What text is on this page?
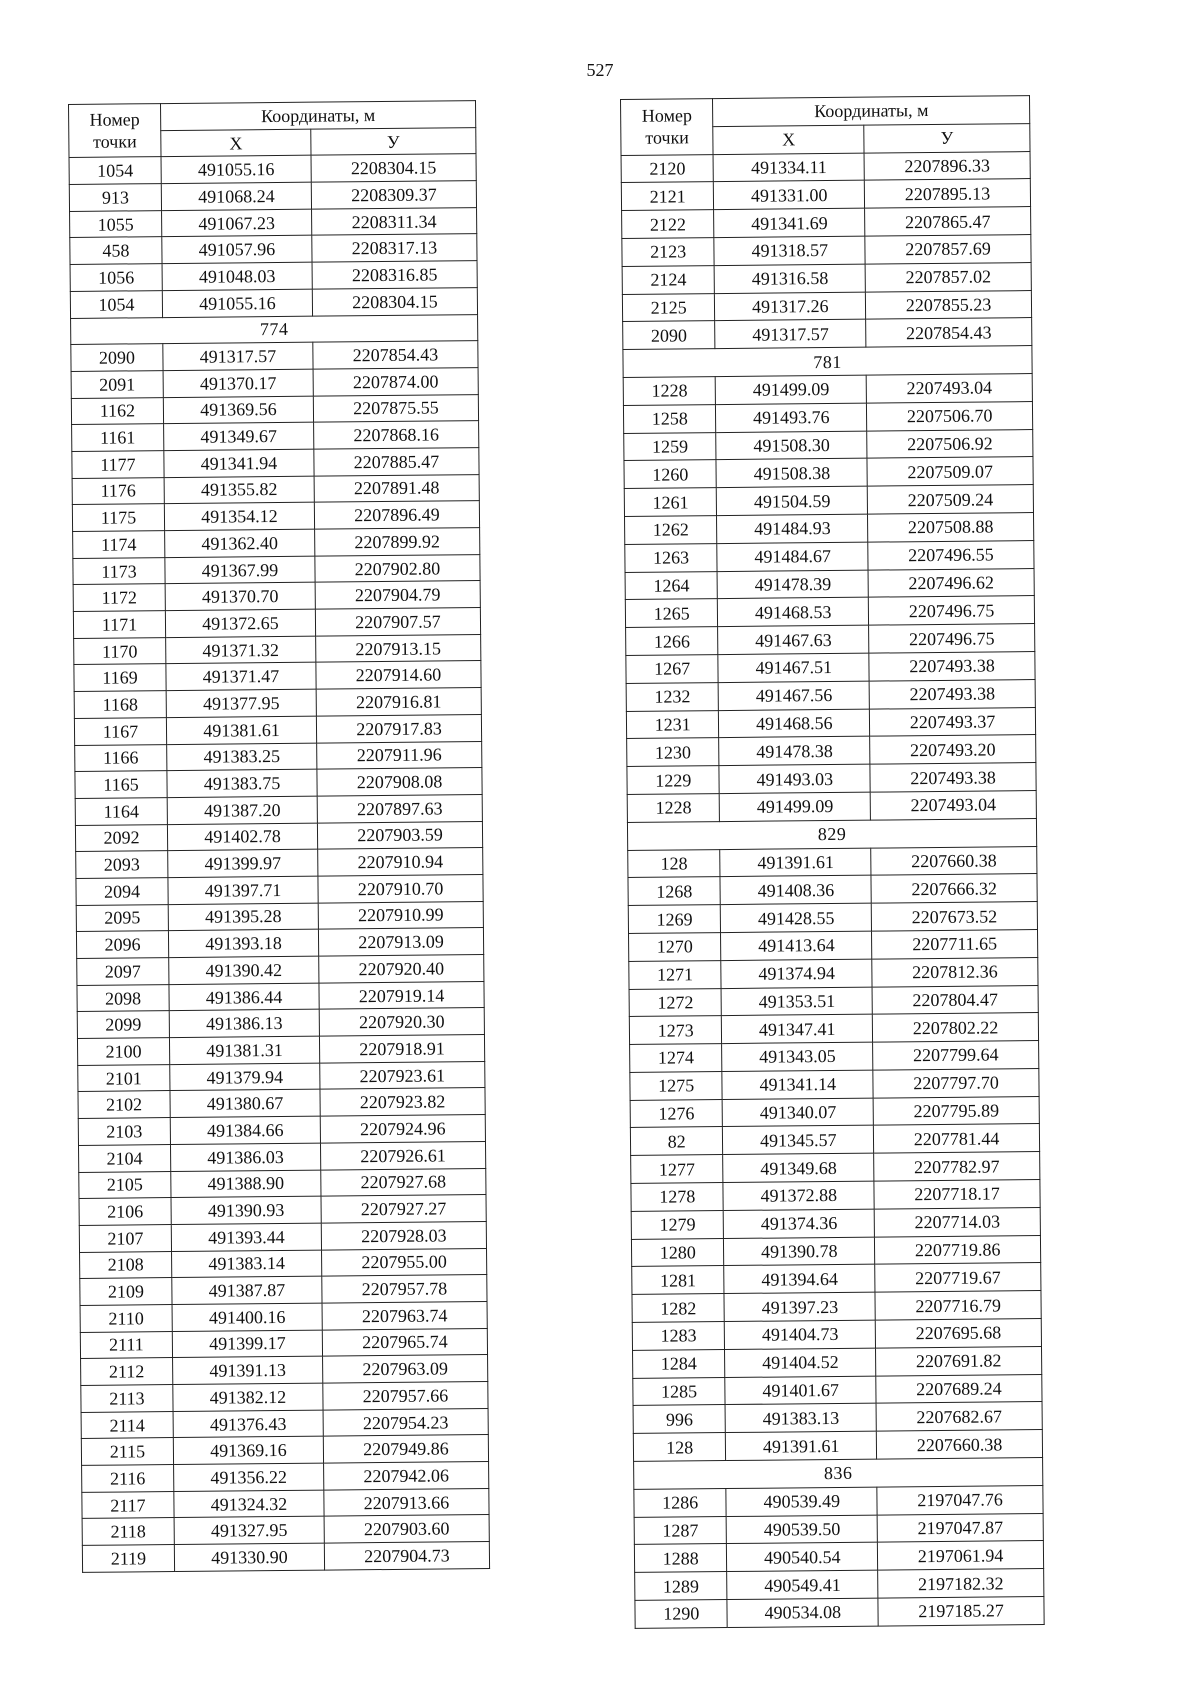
527
Номер
точки	Координаты, м	
	X	У
1054	491055.16	2208304.15
913	491068.24	2208309.37
1055	491067.23	2208311.34
458	491057.96	2208317.13
1056	491048.03	2208316.85
1054	491055.16	2208304.15
774		
2090	491317.57	2207854.43
2091	491370.17	2207874.00
1162	491369.56	2207875.55
1161	491349.67	2207868.16
1177	491341.94	2207885.47
1176	491355.82	2207891.48
1175	491354.12	2207896.49
1174	491362.40	2207899.92
1173	491367.99	2207902.80
1172	491370.70	2207904.79
1171	491372.65	2207907.57
1170	491371.32	2207913.15
1169	491371.47	2207914.60
1168	491377.95	2207916.81
1167	491381.61	2207917.83
1166	491383.25	2207911.96
1165	491383.75	2207908.08
1164	491387.20	2207897.63
2092	491402.78	2207903.59
2093	491399.97	2207910.94
2094	491397.71	2207910.70
2095	491395.28	2207910.99
2096	491393.18	2207913.09
2097	491390.42	2207920.40
2098	491386.44	2207919.14
2099	491386.13	2207920.30
2100	491381.31	2207918.91
2101	491379.94	2207923.61
2102	491380.67	2207923.82
2103	491384.66	2207924.96
2104	491386.03	2207926.61
2105	491388.90	2207927.68
2106	491390.93	2207927.27
2107	491393.44	2207928.03
2108	491383.14	2207955.00
2109	491387.87	2207957.78
2110	491400.16	2207963.74
2111	491399.17	2207965.74
2112	491391.13	2207963.09
2113	491382.12	2207957.66
2114	491376.43	2207954.23
2115	491369.16	2207949.86
2116	491356.22	2207942.06
2117	491324.32	2207913.66
2118	491327.95	2207903.60
2119	491330.90	2207904.73
Номер
точки	Координаты, м	
	X	У
2120	491334.11	2207896.33
2121	491331.00	2207895.13
2122	491341.69	2207865.47
2123	491318.57	2207857.69
2124	491316.58	2207857.02
2125	491317.26	2207855.23
2090	491317.57	2207854.43
781		
1228	491499.09	2207493.04
1258	491493.76	2207506.70
1259	491508.30	2207506.92
1260	491508.38	2207509.07
1261	491504.59	2207509.24
1262	491484.93	2207508.88
1263	491484.67	2207496.55
1264	491478.39	2207496.62
1265	491468.53	2207496.75
1266	491467.63	2207496.75
1267	491467.51	2207493.38
1232	491467.56	2207493.38
1231	491468.56	2207493.37
1230	491478.38	2207493.20
1229	491493.03	2207493.38
1228	491499.09	2207493.04
829		
128	491391.61	2207660.38
1268	491408.36	2207666.32
1269	491428.55	2207673.52
1270	491413.64	2207711.65
1271	491374.94	2207812.36
1272	491353.51	2207804.47
1273	491347.41	2207802.22
1274	491343.05	2207799.64
1275	491341.14	2207797.70
1276	491340.07	2207795.89
82	491345.57	2207781.44
1277	491349.68	2207782.97
1278	491372.88	2207718.17
1279	491374.36	2207714.03
1280	491390.78	2207719.86
1281	491394.64	2207719.67
1282	491397.23	2207716.79
1283	491404.73	2207695.68
1284	491404.52	2207691.82
1285	491401.67	2207689.24
996	491383.13	2207682.67
128	491391.61	2207660.38
836		
1286	490539.49	2197047.76
1287	490539.50	2197047.87
1288	490540.54	2197061.94
1289	490549.41	2197182.32
1290	490534.08	2197185.27
